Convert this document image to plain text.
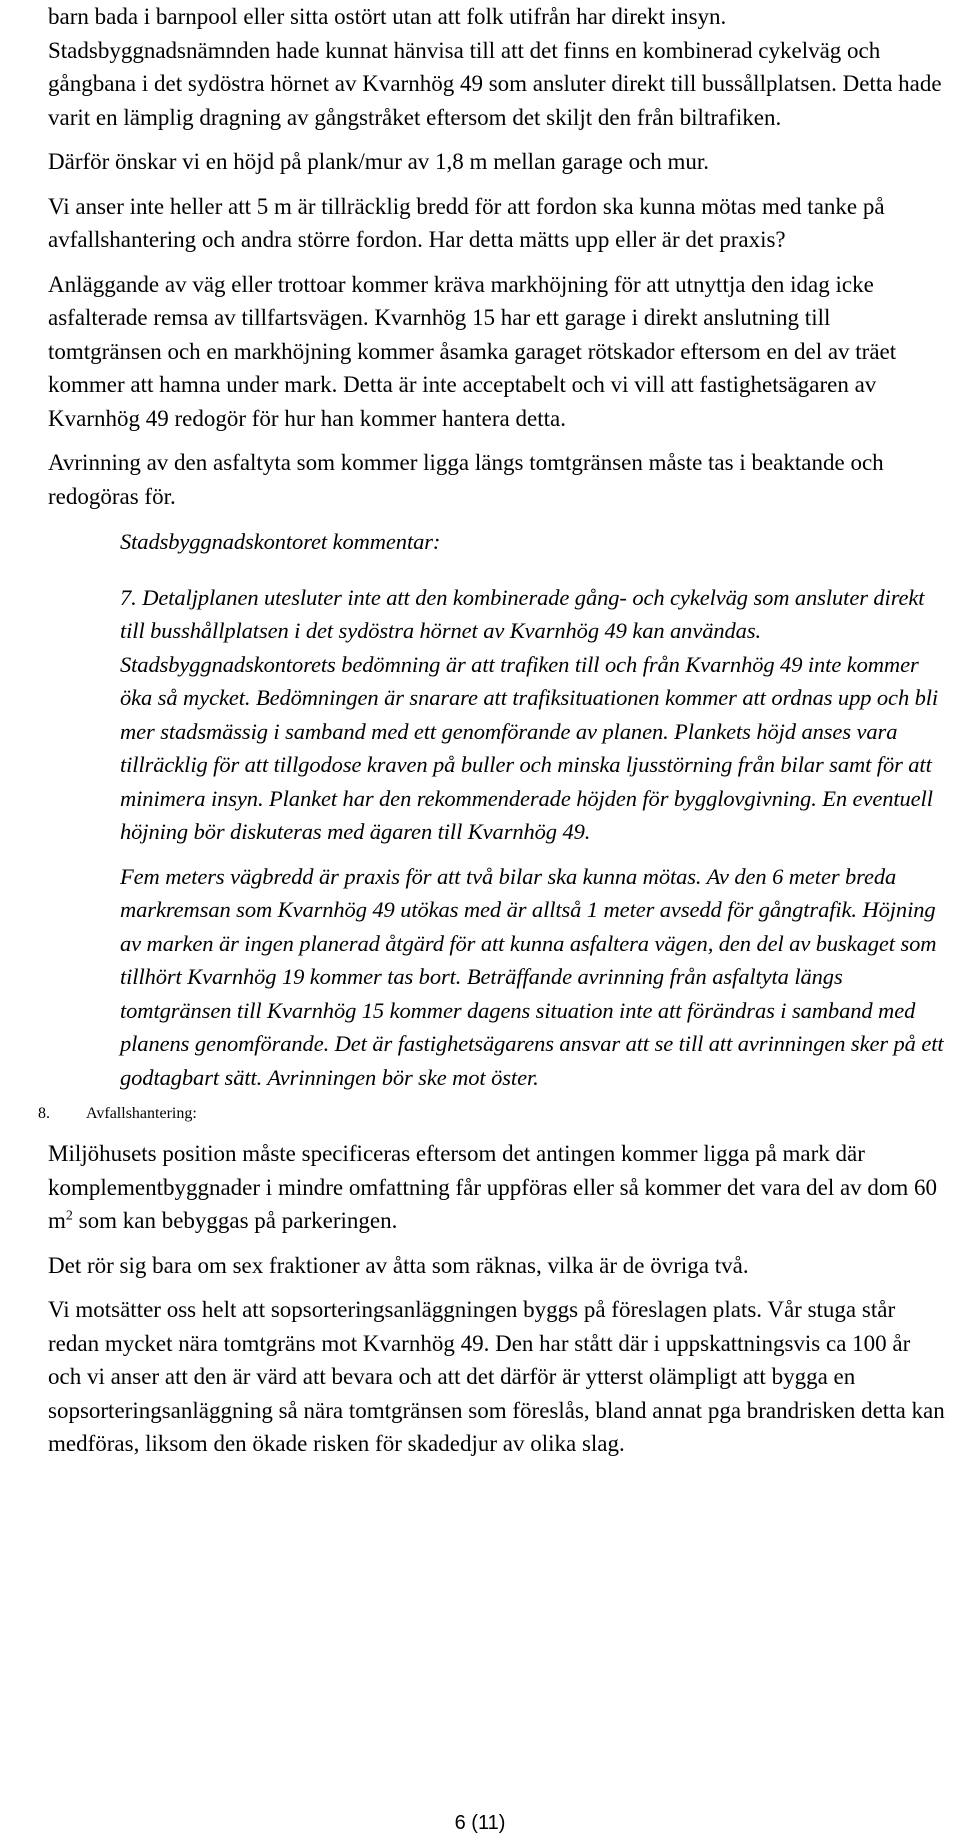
barn bada i barnpool eller sitta ostört utan att folk utifrån har direkt insyn. Stadsbyggnadsnämnden hade kunnat hänvisa till att det finns en kombinerad cykelväg och gångbana i det sydöstra hörnet av Kvarnhög 49 som ansluter direkt till bussållplatsen. Detta hade varit en lämplig dragning av gångstråket eftersom det skiljt den från biltrafiken.

Därför önskar vi en höjd på plank/mur av 1,8 m mellan garage och mur.

Vi anser inte heller att 5 m är tillräcklig bredd för att fordon ska kunna mötas med tanke på avfallshantering och andra större fordon. Har detta mätts upp eller är det praxis?

Anläggande av väg eller trottoar kommer kräva markhöjning för att utnyttja den idag icke asfalterade remsa av tillfartsvägen. Kvarnhög 15 har ett garage i direkt anslutning till tomtgränsen och en markhöjning kommer åsamka garaget rötskador eftersom en del av träet kommer att hamna under mark. Detta är inte acceptabelt och vi vill att fastighetsägaren av Kvarnhög 49 redogör för hur han kommer hantera detta.

Avrinning av den asfaltyta som kommer ligga längs tomtgränsen måste tas i beaktande och redogöras för.

Stadsbyggnadskontoret kommentar:

7. Detaljplanen utesluter inte att den kombinerade gång- och cykelväg som ansluter direkt till busshållplatsen i det sydöstra hörnet av Kvarnhög 49 kan användas. Stadsbyggnadskontorets bedömning är att trafiken till och från Kvarnhög 49 inte kommer öka så mycket. Bedömningen är snarare att trafiksituationen kommer att ordnas upp och bli mer stadsmässig i samband med ett genomförande av planen. Plankets höjd anses vara tillräcklig för att tillgodose kraven på buller och minska ljusstörning från bilar samt för att minimera insyn. Planket har den rekommenderade höjden för bygglovgivning. En eventuell höjning bör diskuteras med ägaren till Kvarnhög 49.

Fem meters vägbredd är praxis för att två bilar ska kunna mötas. Av den 6 meter breda markremsan som Kvarnhög 49 utökas med är alltså 1 meter avsedd för gångtrafik. Höjning av marken är ingen planerad åtgärd för att kunna asfaltera vägen, den del av buskaget som tillhört Kvarnhög 19 kommer tas bort. Beträffande avrinning från asfaltyta längs tomtgränsen till Kvarnhög 15 kommer dagens situation inte att förändras i samband med planens genomförande. Det är fastighetsägarens ansvar att se till att avrinningen sker på ett godtagbart sätt. Avrinningen bör ske mot öster.

8.	Avfallshantering:

Miljöhusets position måste specificeras eftersom det antingen kommer ligga på mark där komplementbyggnader i mindre omfattning får uppföras eller så kommer det vara del av dom 60 $m^2$ som kan bebyggas på parkeringen.

Det rör sig bara om sex fraktioner av åtta som räknas, vilka är de övriga två.

Vi motsätter oss helt att sopsorteringsanläggningen byggs på föreslagen plats. Vår stuga står redan mycket nära tomtgräns mot Kvarnhög 49. Den har stått där i uppskattningsvis ca 100 år och vi anser att den är värd att bevara och att det därför är ytterst olämpligt att bygga en sopsorteringsanläggning så nära tomtgränsen som föreslås, bland annat pga brandrisken detta kan medföras, liksom den ökade risken för skadedjur av olika slag.

6 (11)
